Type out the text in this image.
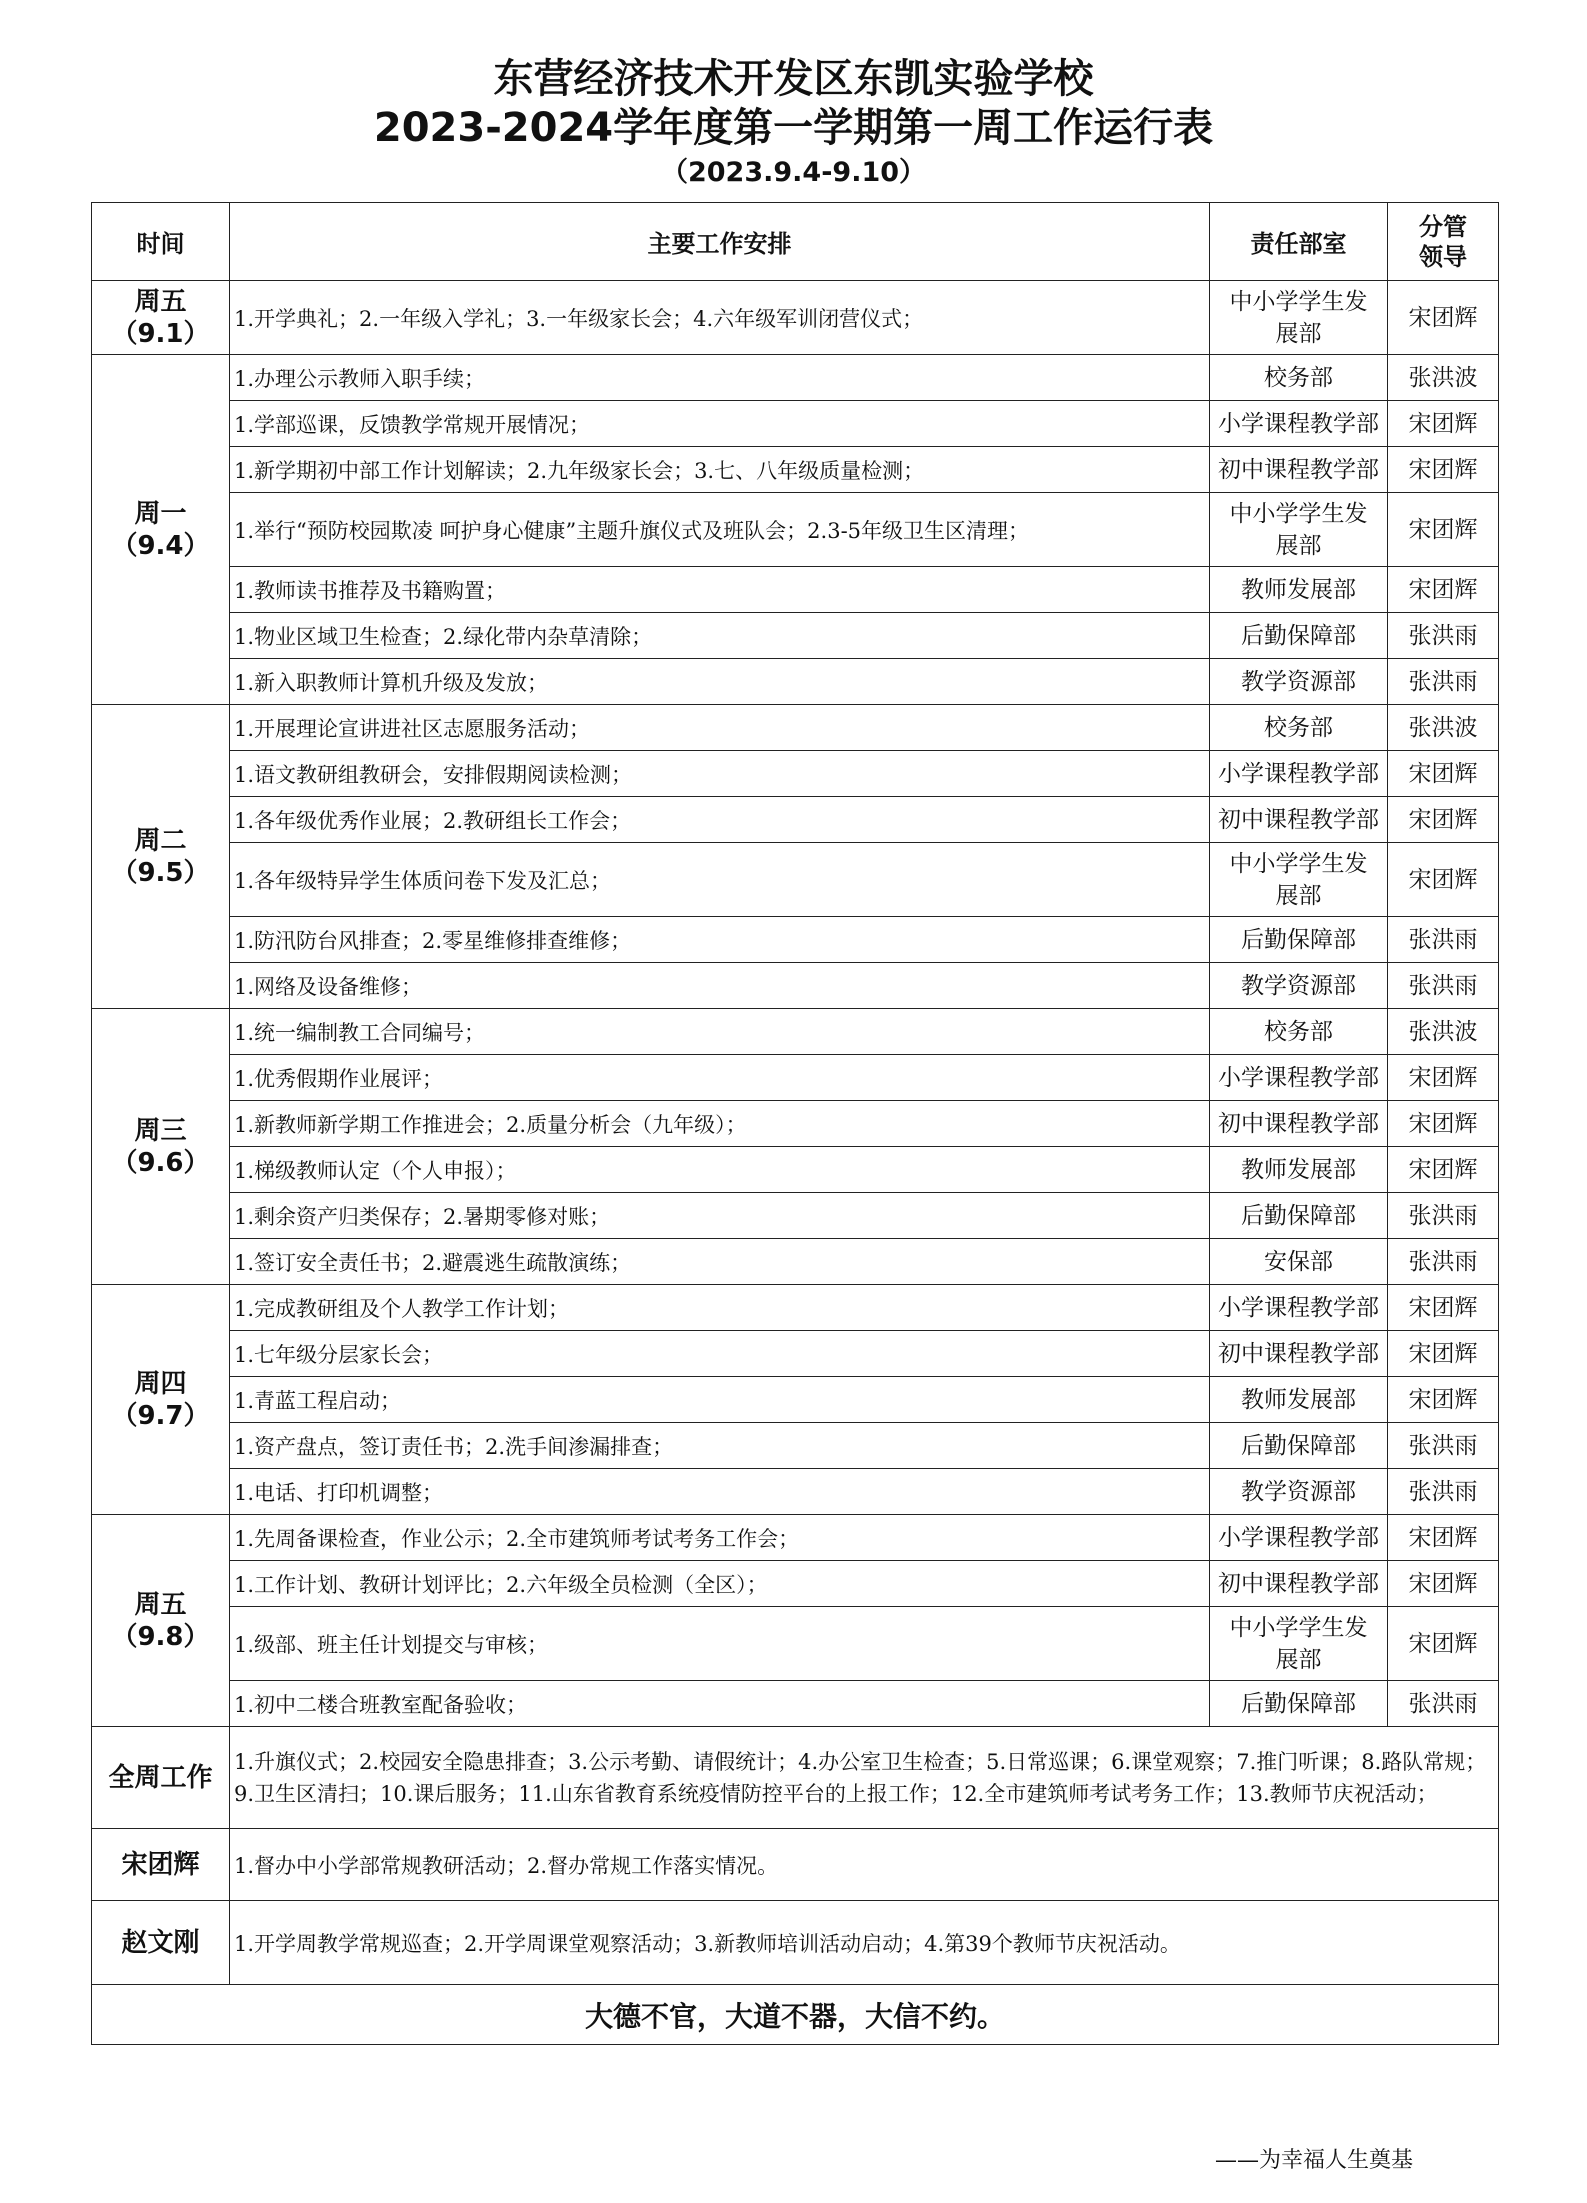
东营经济技术开发区东凯实验学校
2023-2024学年度第一学期第一周工作运行表
（2023.9.4-9.10）
时间	主要工作安排	责任部室	分管
领导

周五
（9.1）	1.开学典礼；2.一年级入学礼；3.一年级家长会；4.六年级军训闭营仪式；	中小学学生发展部	宋团辉

周一
（9.4）	1.办理公示教师入职手续；	校务部	张洪波
	1.学部巡课，反馈教学常规开展情况；	小学课程教学部	宋团辉
	1.新学期初中部工作计划解读；2.九年级家长会；3.七、八年级质量检测；	初中课程教学部	宋团辉
	1.举行“预防校园欺凌 呵护身心健康”主题升旗仪式及班队会；2.3-5年级卫生区清理；	中小学学生发展部	宋团辉
	1.教师读书推荐及书籍购置；	教师发展部	宋团辉
	1.物业区域卫生检查；2.绿化带内杂草清除；	后勤保障部	张洪雨
	1.新入职教师计算机升级及发放；	教学资源部	张洪雨

周二
（9.5）	1.开展理论宣讲进社区志愿服务活动；	校务部	张洪波
	1.语文教研组教研会，安排假期阅读检测；	小学课程教学部	宋团辉
	1.各年级优秀作业展；2.教研组长工作会；	初中课程教学部	宋团辉
	1.各年级特异学生体质问卷下发及汇总；	中小学学生发展部	宋团辉
	1.防汛防台风排查；2.零星维修排查维修；	后勤保障部	张洪雨
	1.网络及设备维修；	教学资源部	张洪雨

周三
（9.6）	1.统一编制教工合同编号；	校务部	张洪波
	1.优秀假期作业展评；	小学课程教学部	宋团辉
	1.新教师新学期工作推进会；2.质量分析会（九年级）；	初中课程教学部	宋团辉
	1.梯级教师认定（个人申报）；	教师发展部	宋团辉
	1.剩余资产归类保存；2.暑期零修对账；	后勤保障部	张洪雨
	1.签订安全责任书；2.避震逃生疏散演练；	安保部	张洪雨

周四
（9.7）	1.完成教研组及个人教学工作计划；	小学课程教学部	宋团辉
	1.七年级分层家长会；	初中课程教学部	宋团辉
	1.青蓝工程启动；	教师发展部	宋团辉
	1.资产盘点，签订责任书；2.洗手间渗漏排查；	后勤保障部	张洪雨
	1.电话、打印机调整；	教学资源部	张洪雨

周五
（9.8）	1.先周备课检查，作业公示；2.全市建筑师考试考务工作会；	小学课程教学部	宋团辉
	1.工作计划、教研计划评比；2.六年级全员检测（全区）；	初中课程教学部	宋团辉
	1.级部、班主任计划提交与审核；	中小学学生发展部	宋团辉
	1.初中二楼合班教室配备验收；	后勤保障部	张洪雨
全周工作	1.升旗仪式；2.校园安全隐患排查；3.公示考勤、请假统计；4.办公室卫生检查；5.日常巡课；6.课堂观察；7.推门听课；8.路队常规；9.卫生区清扫；10.课后服务；11.山东省教育系统疫情防控平台的上报工作；12.全市建筑师考试考务工作；13.教师节庆祝活动；		
宋团辉	1.督办中小学部常规教研活动；2.督办常规工作落实情况。		
赵文刚	1.开学周教学常规巡查；2.开学周课堂观察活动；3.新教师培训活动启动；4.第39个教师节庆祝活动。		
大德不官，大道不器，大信不约。			
——为幸福人生奠基
